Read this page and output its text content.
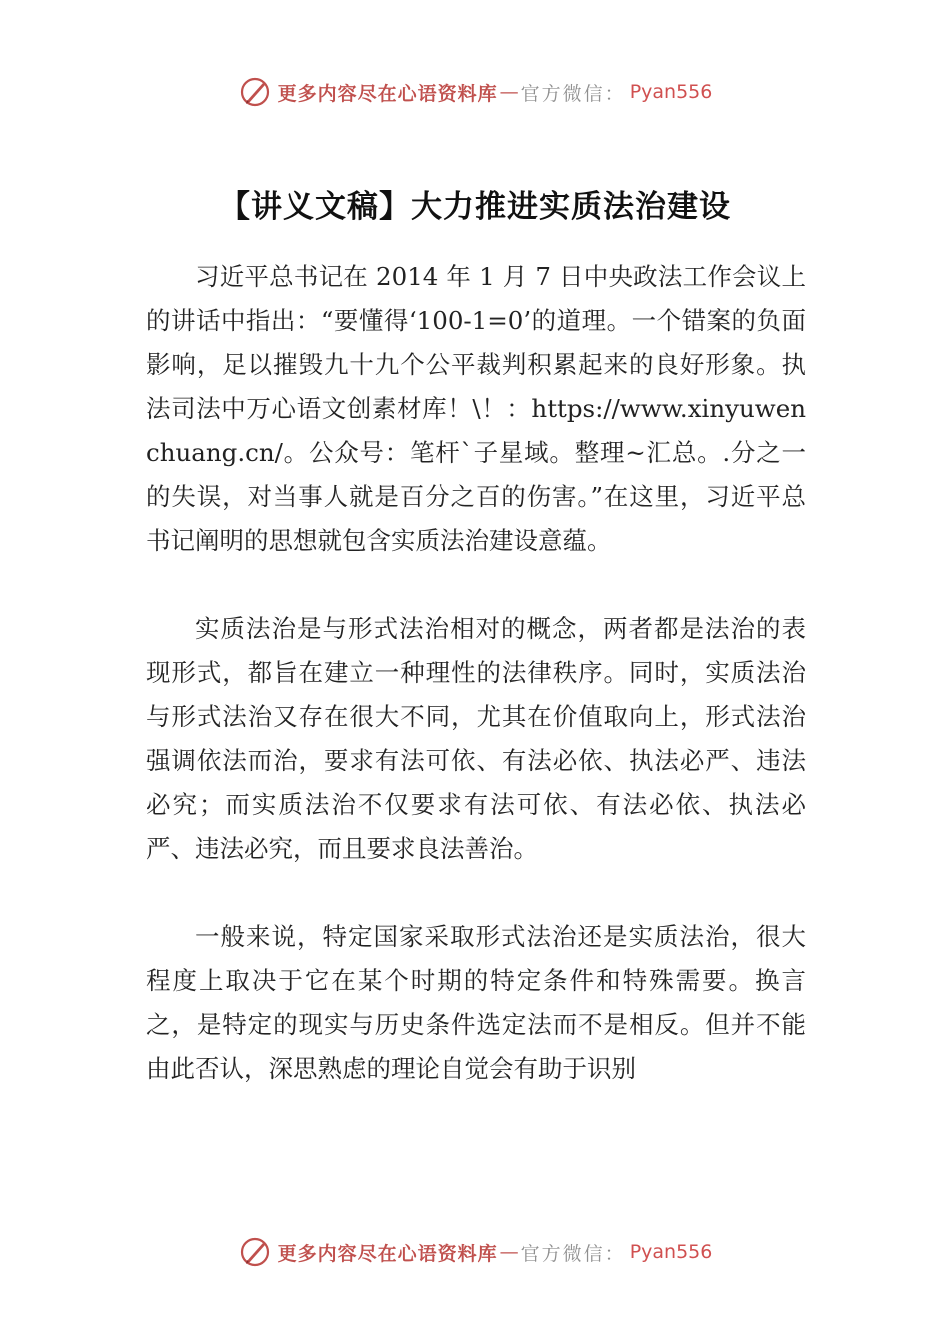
更多内容尽在心语资料库 — 官方微信： Pyan556
【讲义文稿】大力推进实质法治建设

习近平总书记在 2014 年 1 月 7 日中央政法工作会议上的讲话中指出：“要懂得‘100-1=0’的道理。一个错案的负面影响，足以摧毁九十九个公平裁判积累起来的良好形象。执法司法中万心语文创素材库！\！：https://www.xinyuwenchuang.cn/。公众号：笔杆`子星域。整理~汇总。.分之一的失误，对当事人就是百分之百的伤害。”在这里，习近平总书记阐明的思想就包含实质法治建设意蕴。

实质法治是与形式法治相对的概念，两者都是法治的表现形式，都旨在建立一种理性的法律秩序。同时，实质法治与形式法治又存在很大不同，尤其在价值取向上，形式法治强调依法而治，要求有法可依、有法必依、执法必严、违法必究；而实质法治不仅要求有法可依、有法必依、执法必严、违法必究，而且要求良法善治。

一般来说，特定国家采取形式法治还是实质法治，很大程度上取决于它在某个时期的特定条件和特殊需要。换言之，是特定的现实与历史条件选定法而不是相反。但并不能由此否认，深思熟虑的理论自觉会有助于识别

更多内容尽在心语资料库 — 官方微信： Pyan556
